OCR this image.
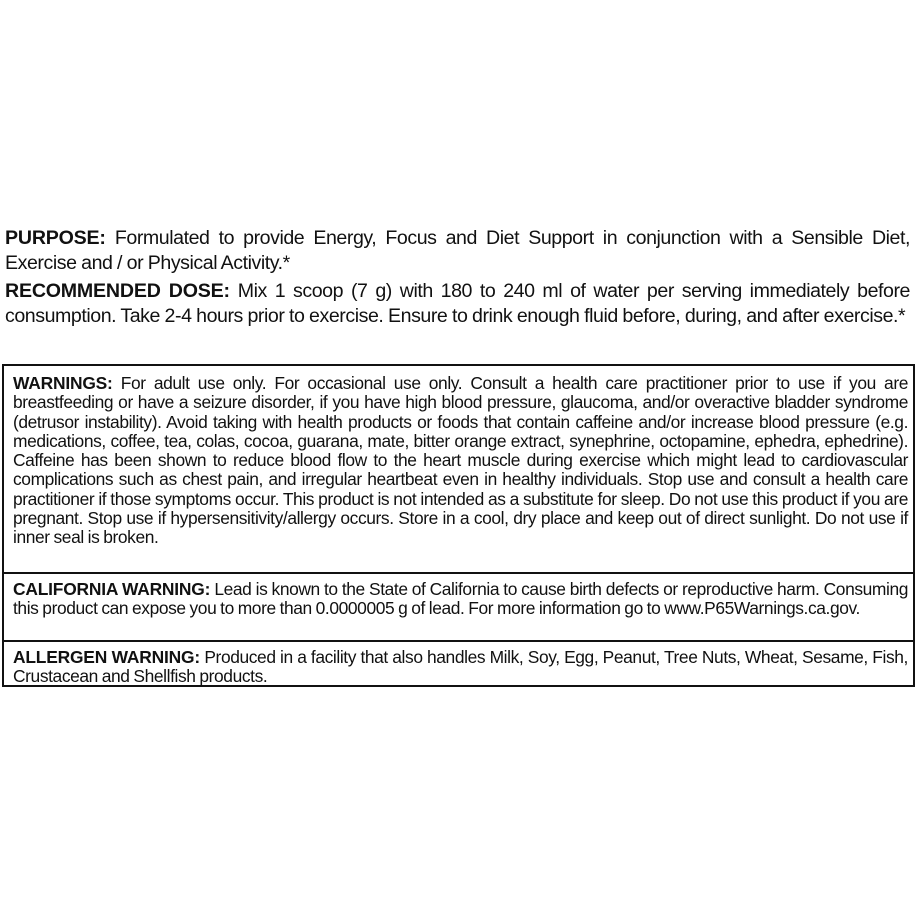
PURPOSE: Formulated to provide Energy, Focus and Diet Support in conjunction with a Sensible Diet, Exercise and / or Physical Activity.*

RECOMMENDED DOSE: Mix 1 scoop (7 g) with 180 to 240 ml of water per serving immediately before consumption. Take 2-4 hours prior to exercise. Ensure to drink enough fluid before, during, and after exercise.*

WARNINGS: For adult use only. For occasional use only. Consult a health care practitioner prior to use if you are breastfeeding or have a seizure disorder, if you have high blood pressure, glaucoma, and/or overactive bladder syndrome (detrusor instability). Avoid taking with health products or foods that contain caffeine and/or increase blood pressure (e.g. medications, coffee, tea, colas, cocoa, guarana, mate, bitter orange extract, synephrine, octopamine, ephedra, ephedrine). Caffeine has been shown to reduce blood flow to the heart muscle during exercise which might lead to cardiovascular complications such as chest pain, and irregular heartbeat even in healthy individuals. Stop use and consult a health care practitioner if those symptoms occur. This product is not intended as a substitute for sleep. Do not use this product if you are pregnant. Stop use if hypersensitivity/allergy occurs. Store in a cool, dry place and keep out of direct sunlight. Do not use if inner seal is broken.
CALIFORNIA WARNING: Lead is known to the State of California to cause birth defects or reproductive harm. Consuming this product can expose you to more than 0.0000005 g of lead. For more information go to www.P65Warnings.ca.gov.
ALLERGEN WARNING: Produced in a facility that also handles Milk, Soy, Egg, Peanut, Tree Nuts, Wheat, Sesame, Fish, Crustacean and Shellfish products.
